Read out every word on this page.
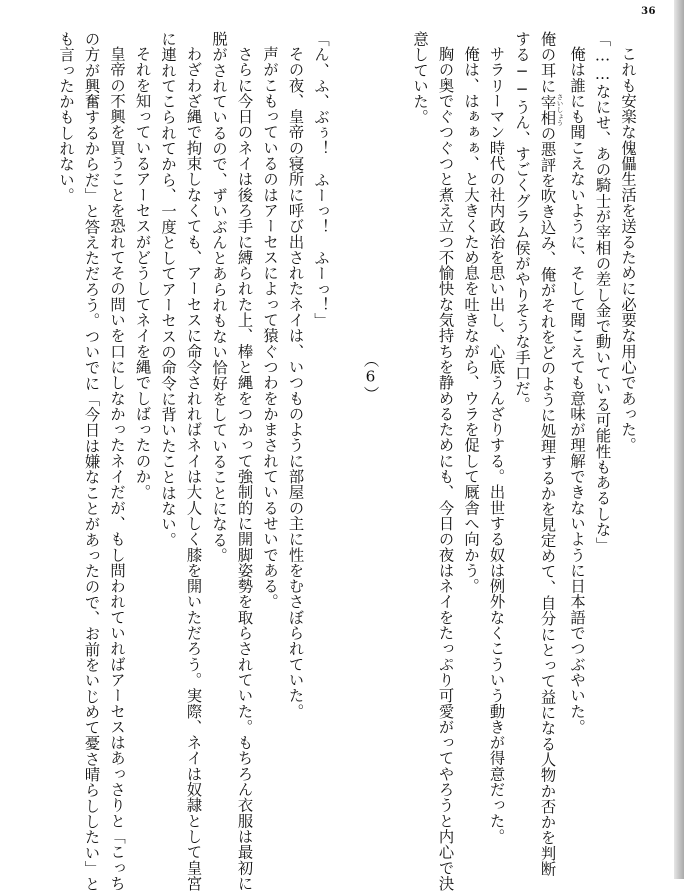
36
これも安楽な傀儡生活を送るために必要な用心であった。
「……なにせ、あの騎士が宰相の差し金で動いている可能性もあるしな」
俺は誰にも聞こえないように、そして聞こえても意味が理解できないように日本語でつぶやいた。
俺の耳に宰相 さいしょうの悪評を吹き込み、俺がそれをどのように処理するかを見定めて、自分にとって益になる人物か否かを判断
する──うん、すごくグラム侯がやりそうな手口だ。
サラリーマン時代の社内政治を思い出し、心底うんざりする。出世する奴は例外なくこういう動きが得意だった。
俺は、はぁぁぁ、と大きくため息を吐きながら、ウラを促して厩舎へ向かう。
胸の奥でぐつぐつと煮え立つ不愉快な気持ちを静めるためにも、今日の夜はネイをたっぷり可愛がってやろうと内心で決
意していた。
（6）
「ん、ふ、ぶぅ！　ふーっ！　ふーっ！」
その夜、皇帝の寝所に呼び出されたネイは、いつものように部屋の主に性をむさぼられていた。
声がこもっているのはアーセスによって猿ぐつわをかまされているせいである。
さらに今日のネイは後ろ手に縛られた上、棒と縄をつかって強制的に開脚姿勢を取らされていた。もちろん衣服は最初に
脱がされているので、ずいぶんとあられもない恰好をしていることになる。
わざわざ縄で拘束しなくても、アーセスに命令されればネイは大人しく膝を開いただろう。実際、ネイは奴隷として皇宮
に連れてこられてから、一度としてアーセスの命令に背いたことはない。
それを知っているアーセスがどうしてネイを縄でしばったのか。
皇帝の不興を買うことを恐れてその問いを口にしなかったネイだが、もし問われていればアーセスはあっさりと「こっち
の方が興奮するからだ」と答えただろう。ついでに「今日は嫌なことがあったので、お前をいじめて憂さ晴らししたい」と
も言ったかもしれない。
